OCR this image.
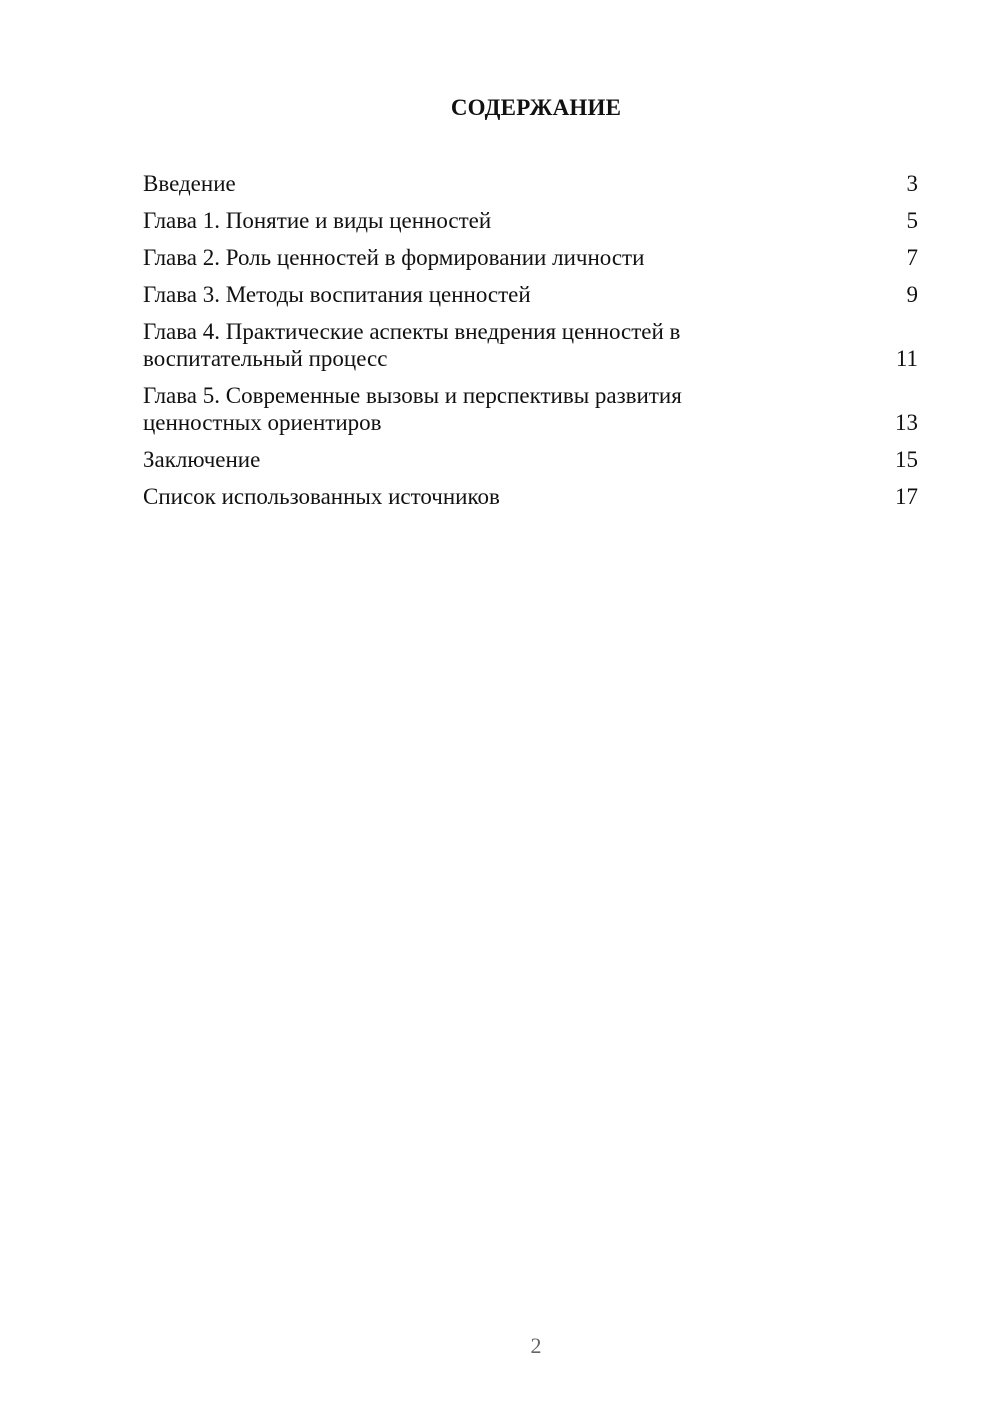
СОДЕРЖАНИЕ
Введение	3
Глава 1. Понятие и виды ценностей	5
Глава 2. Роль ценностей в формировании личности	7
Глава 3. Методы воспитания ценностей	9
Глава 4. Практические аспекты внедрения ценностей в
воспитательный процесс	11
Глава 5. Современные вызовы и перспективы развития
ценностных ориентиров	13
Заключение	15
Список использованных источников	17
2
